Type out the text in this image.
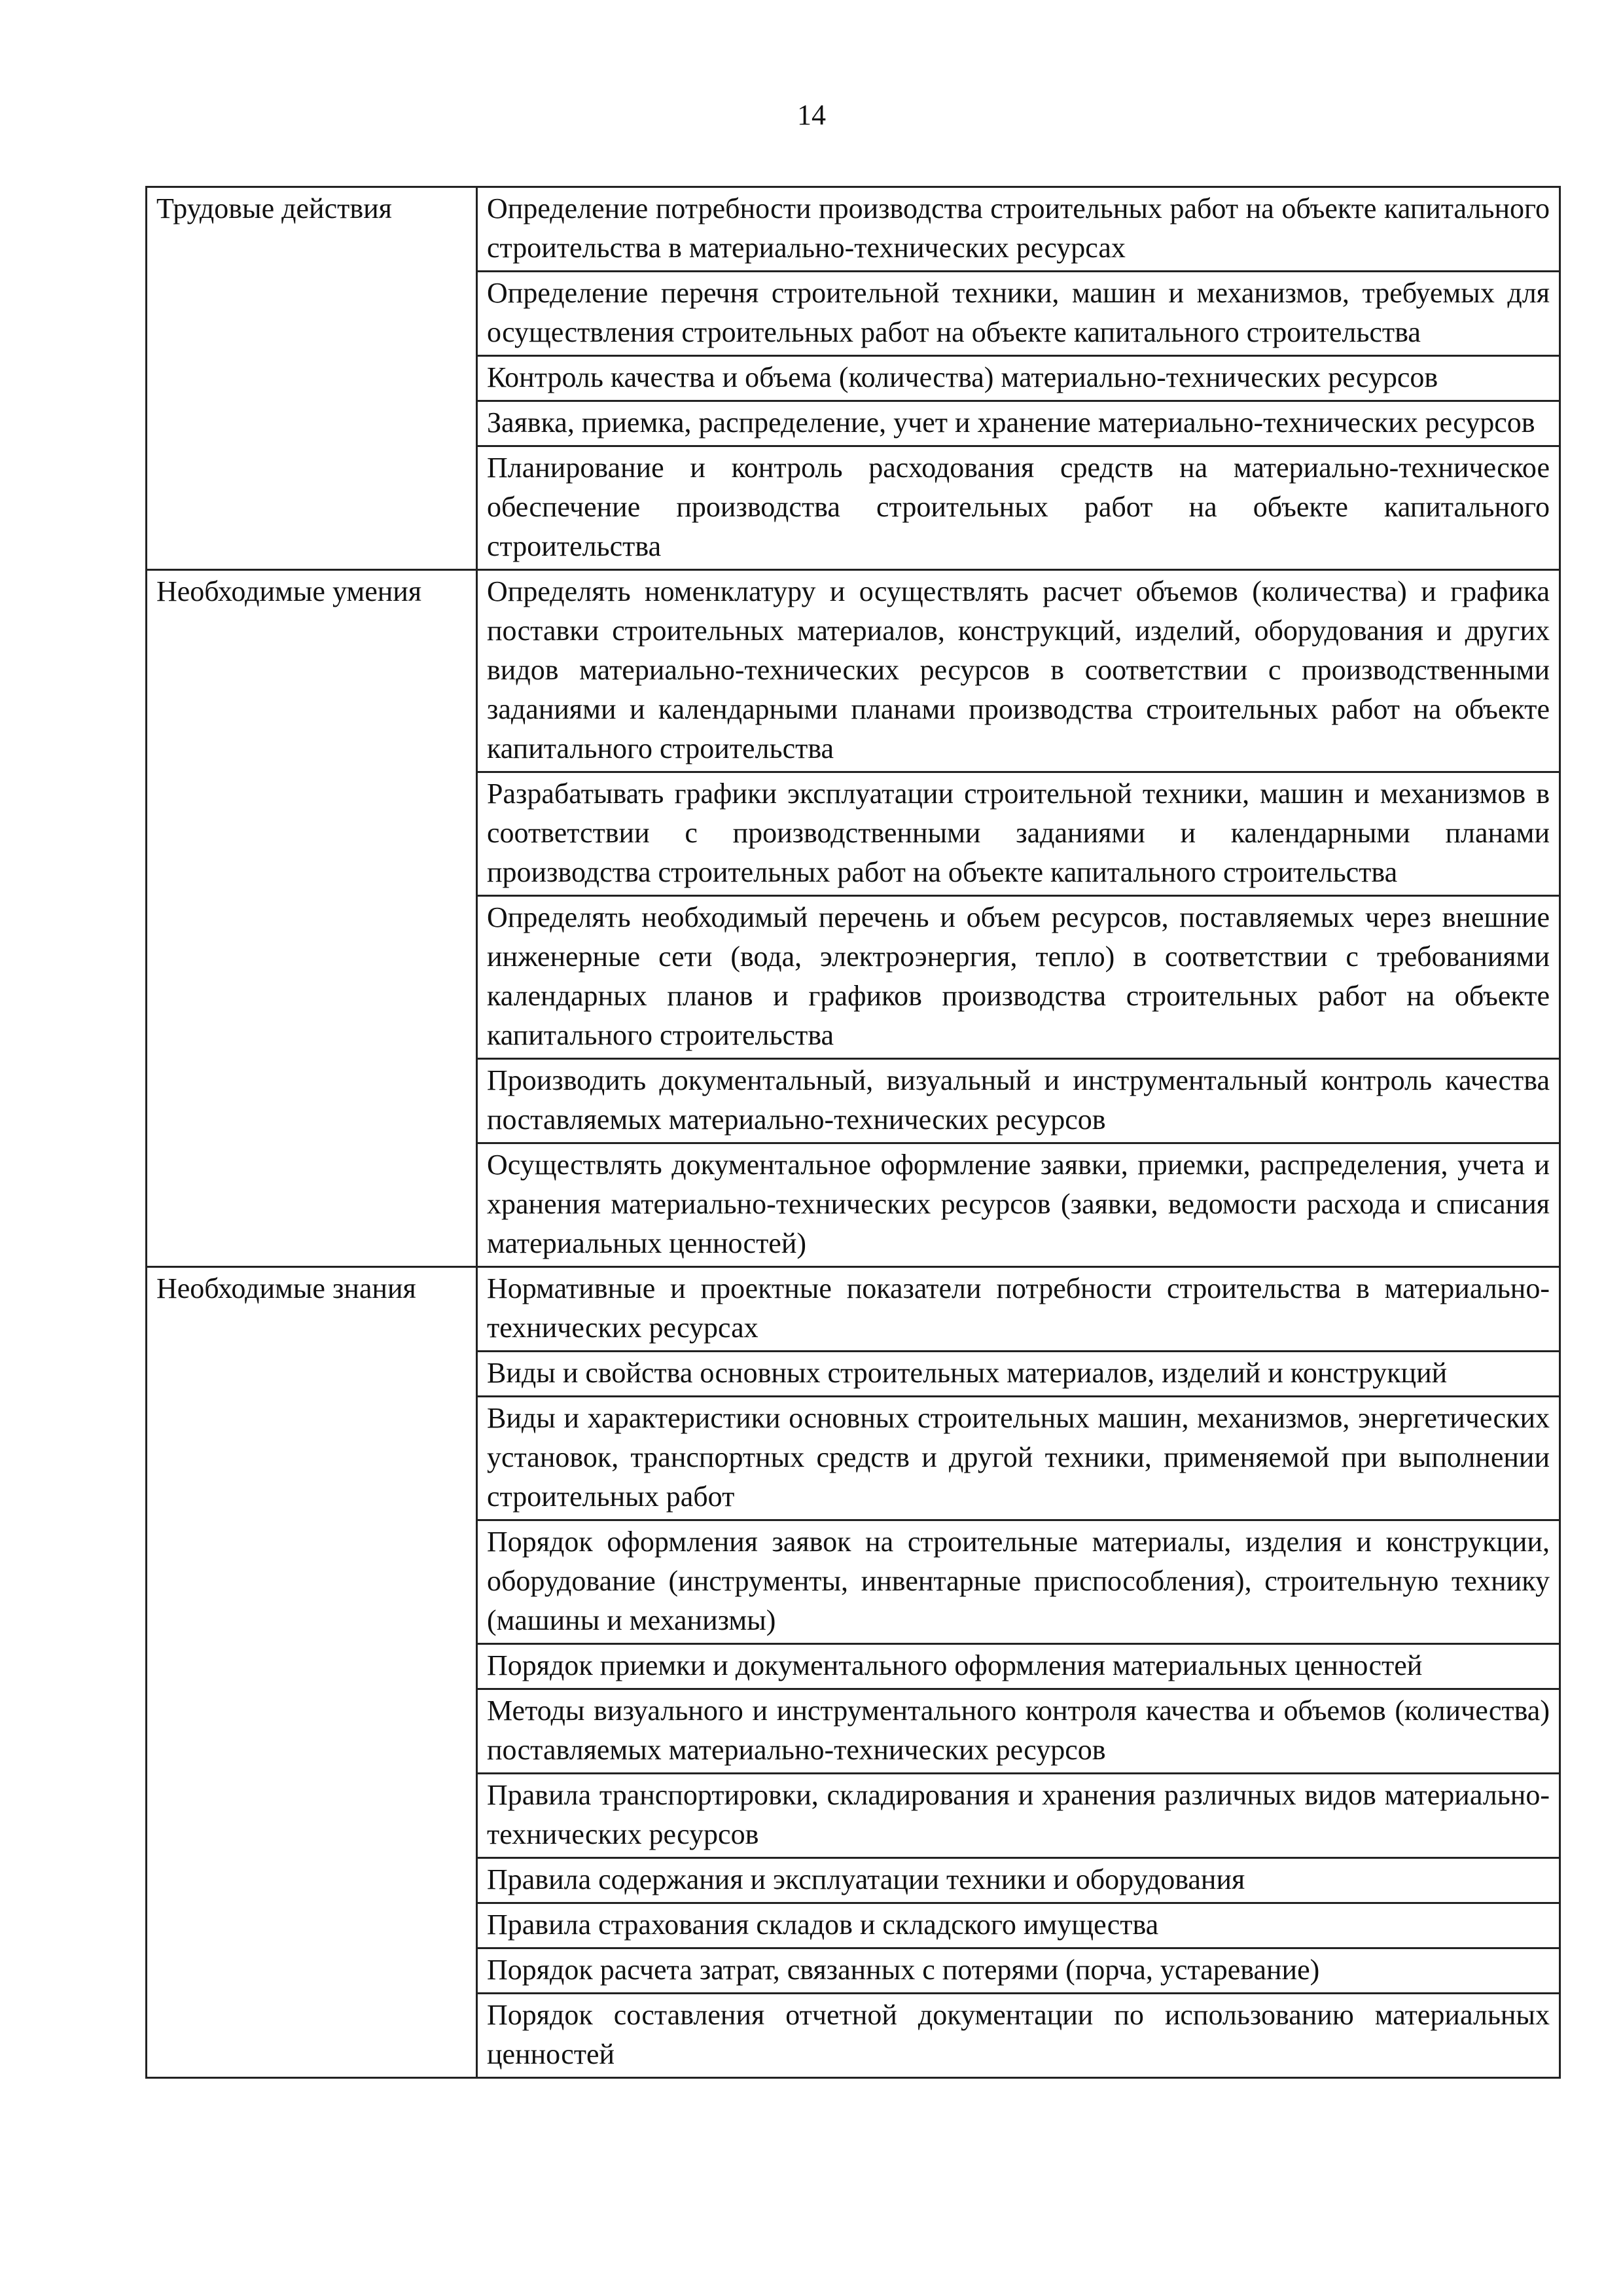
14
Трудовые действия	Определение потребности производства строительных работ на объекте капитального строительства в материально-технических ресурсах
	Определение перечня строительной техники, машин и механизмов, требуемых для осуществления строительных работ на объекте капитального строительства
	Контроль качества и объема (количества) материально-технических ресурсов
	Заявка, приемка, распределение, учет и хранение материально-технических ресурсов
	Планирование и контроль расходования средств на материально-техническое обеспечение производства строительных работ на объекте капитального строительства
Необходимые умения	Определять номенклатуру и осуществлять расчет объемов (количества) и графика поставки строительных материалов, конструкций, изделий, оборудования и других видов материально-технических ресурсов в соответствии с производственными заданиями и календарными планами производства строительных работ на объекте капитального строительства
	Разрабатывать графики эксплуатации строительной техники, машин и механизмов в соответствии с производственными заданиями и календарными планами производства строительных работ на объекте капитального строительства
	Определять необходимый перечень и объем ресурсов, поставляемых через внешние инженерные сети (вода, электроэнергия, тепло) в соответствии с требованиями календарных планов и графиков производства строительных работ на объекте капитального строительства
	Производить документальный, визуальный и инструментальный контроль качества поставляемых материально-технических ресурсов
	Осуществлять документальное оформление заявки, приемки, распределения, учета и хранения материально-технических ресурсов (заявки, ведомости расхода и списания материальных ценностей)
Необходимые знания	Нормативные и проектные показатели потребности строительства в материально-технических ресурсах
	Виды и свойства основных строительных материалов, изделий и конструкций
	Виды и характеристики основных строительных машин, механизмов, энергетических установок, транспортных средств и другой техники, применяемой при выполнении строительных работ
	Порядок оформления заявок на строительные материалы, изделия и конструкции, оборудование (инструменты, инвентарные приспособления), строительную технику (машины и механизмы)
	Порядок приемки и документального оформления материальных ценностей
	Методы визуального и инструментального контроля качества и объемов (количества) поставляемых материально-технических ресурсов
	Правила транспортировки, складирования и хранения различных видов материально-технических ресурсов
	Правила содержания и эксплуатации техники и оборудования
	Правила страхования складов и складского имущества
	Порядок расчета затрат, связанных с потерями (порча, устаревание)
	Порядок составления отчетной документации по использованию материальных ценностей
